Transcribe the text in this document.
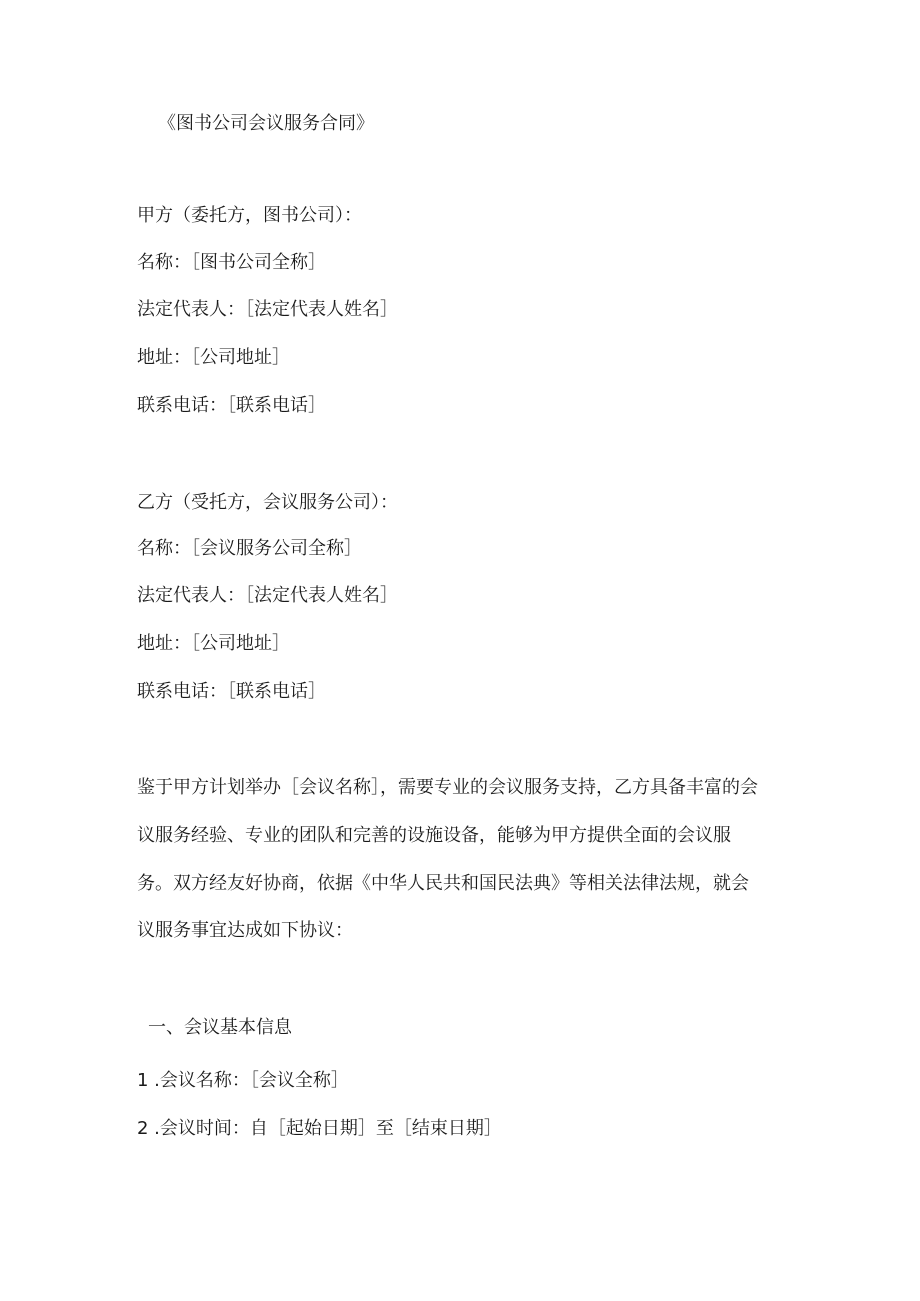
《图书公司会议服务合同》

甲方（委托方，图书公司）：

名称：［图书公司全称］

法定代表人：［法定代表人姓名］

地址：［公司地址］

联系电话：［联系电话］

乙方（受托方，会议服务公司）：

名称：［会议服务公司全称］

法定代表人：［法定代表人姓名］

地址：［公司地址］

联系电话：［联系电话］

鉴于甲方计划举办［会议名称］，需要专业的会议服务支持，乙方具备丰富的会

议服务经验、专业的团队和完善的设施设备，能够为甲方提供全面的会议服

务。双方经友好协商，依据《中华人民共和国民法典》等相关法律法规，就会

议服务事宜达成如下协议：

一、会议基本信息

1 .会议名称：［会议全称］

2 .会议时间：自［起始日期］至［结束日期］
